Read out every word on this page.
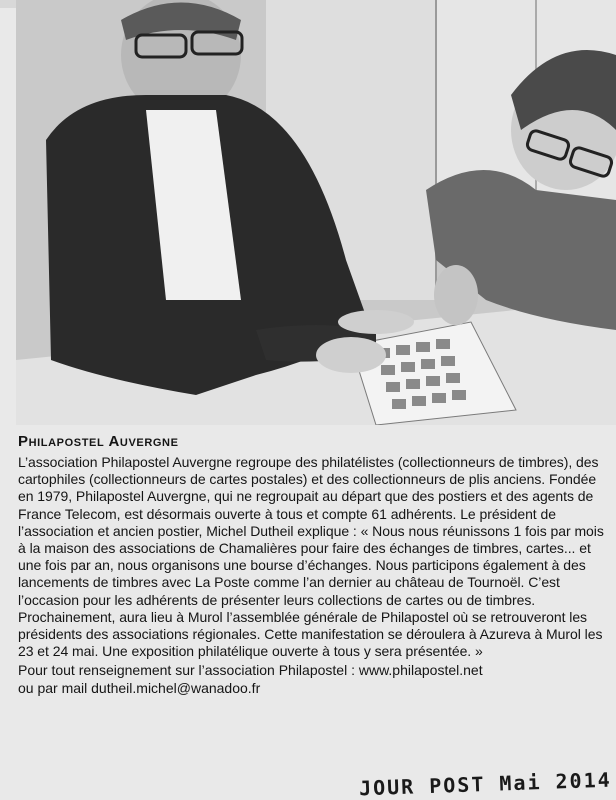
Philapostel Auvergne

L’association Philapostel Auvergne regroupe des philatélistes (collectionneurs de timbres), des cartophiles (collectionneurs de cartes postales) et des collectionneurs de plis anciens. Fondée en 1979, Philapostel Auvergne, qui ne regroupait au départ que des postiers et des agents de France Telecom, est désormais ouverte à tous et compte 61 adhérents. Le président de l’association et ancien postier, Michel Dutheil explique : « Nous nous réunissons 1 fois par mois à la maison des associations de Chamalières pour faire des échanges de timbres, cartes... et une fois par an, nous organisons une bourse d’échanges. Nous participons également à des lancements de timbres avec La Poste comme l’an dernier au château de Tournoël. C’est l’occasion pour les adhérents de présenter leurs collections de cartes ou de timbres. Prochainement, aura lieu à Murol l’assemblée générale de Philapostel où se retrouveront les présidents des associations régionales. Cette manifestation se déroulera à Azureva à Murol les 23 et 24 mai. Une exposition philatélique ouverte à tous y sera présentée. »

Pour tout renseignement sur l’association Philapostel : www.philapostel.net
ou par mail dutheil.michel@wanadoo.fr

JOUR POST Mai 2014
